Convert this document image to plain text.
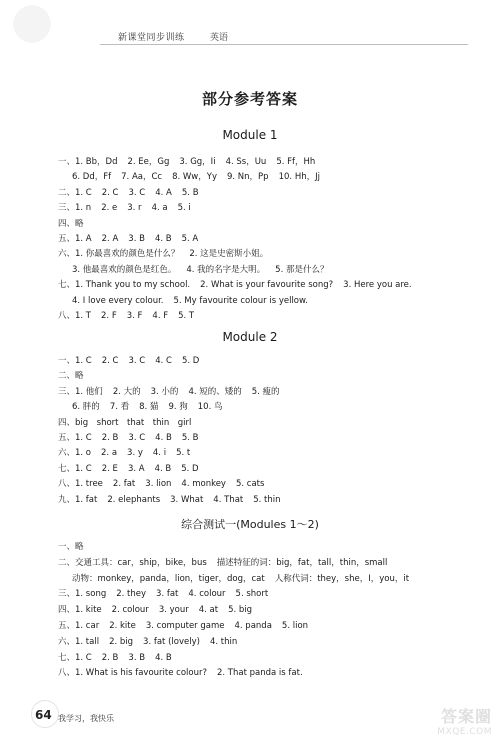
新课堂同步训练	英语
部分参考答案
Module 1
一、1. Bb，Dd 2. Ee，Gg 3. Gg，Ii 4. Ss，Uu 5. Ff，Hh
6. Dd，Ff 7. Aa，Cc 8. Ww，Yy 9. Nn，Pp 10. Hh，Jj
二、1. C 2. C 3. C 4. A 5. B
三、1. n 2. e 3. r 4. a 5. i
四、略
五、1. A 2. A 3. B 4. B 5. A
六、1. 你最喜欢的颜色是什么？ 2. 这是史密斯小姐。
3. 他最喜欢的颜色是红色。 4. 我的名字是大明。 5. 那是什么？
七、1. Thank you to my school. 2. What is your favourite song? 3. Here you are.
4. I love every colour. 5. My favourite colour is yellow.
八、1. T 2. F 3. F 4. F 5. T
Module 2
一、1. C 2. C 3. C 4. C 5. D
二、略
三、1. 他们 2. 大的 3. 小的 4. 短的、矮的 5. 瘦的
6. 胖的 7. 看 8. 猫 9. 狗 10. 鸟
四、big　short　that　thin　girl
五、1. C 2. B 3. C 4. B 5. B
六、1. o 2. a 3. y 4. i 5. t
七、1. C 2. E 3. A 4. B 5. D
八、1. tree 2. fat 3. lion 4. monkey 5. cats
九、1. fat 2. elephants 3. What 4. That 5. thin
综合测试一(Modules 1～2)
一、略
二、交通工具：car，ship，bike，bus 描述特征的词：big，fat，tall，thin，small
动物：monkey，panda，lion，tiger，dog，cat 人称代词：they，she，I，you，it
三、1. song 2. they 3. fat 4. colour 5. short
四、1. kite 2. colour 3. your 4. at 5. big
五、1. car 2. kite 3. computer game 4. panda 5. lion
六、1. tall 2. big 3. fat (lovely) 4. thin
七、1. C 2. B 3. B 4. B
八、1. What is his favourite colour? 2. That panda is fat.
64 我学习，我快乐	答案圈
MXQE.COM
